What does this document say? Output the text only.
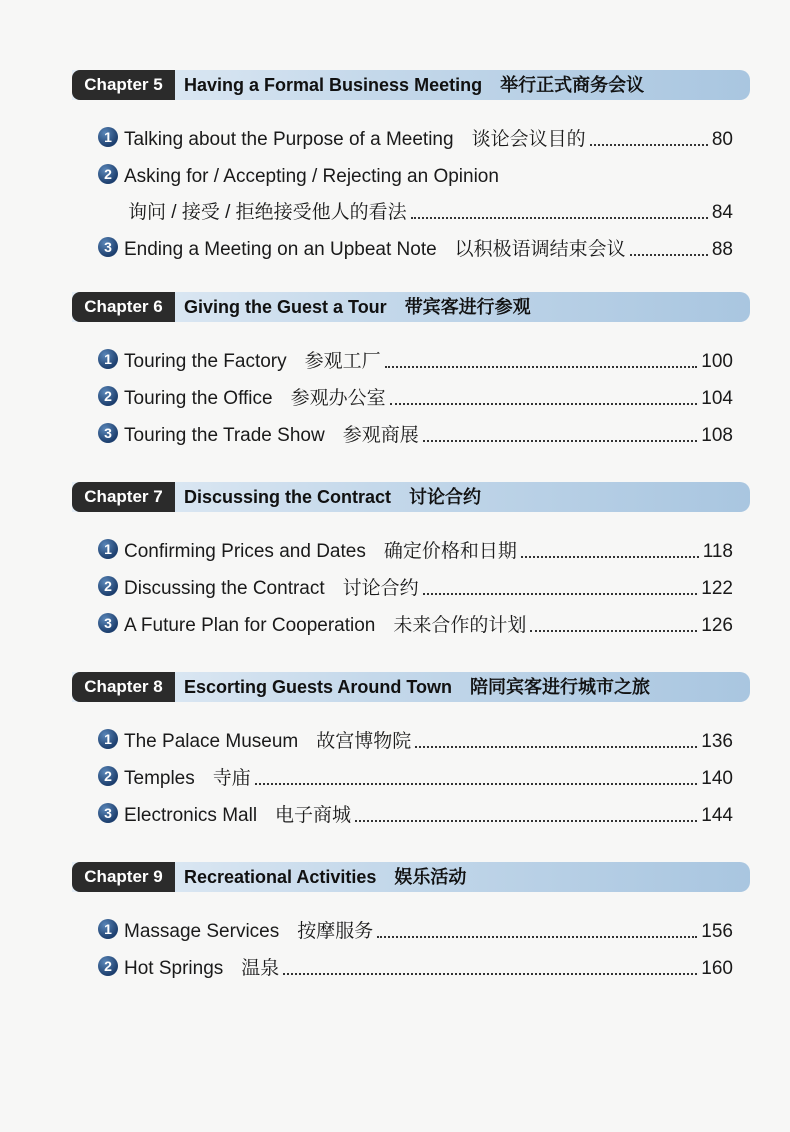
Chapter 5	Having a Formal Business Meeting 举行正式商务会议
1 Talking about the Purpose of a Meeting 谈论会议目的	80
2 Asking for / Accepting / Rejecting an Opinion
询问 / 接受 / 拒绝接受他人的看法	84
3 Ending a Meeting on an Upbeat Note 以积极语调结束会议	88
Chapter 6	Giving the Guest a Tour 带宾客进行参观
1 Touring the Factory 参观工厂	100
2 Touring the Office 参观办公室	104
3 Touring the Trade Show 参观商展	108
Chapter 7	Discussing the Contract 讨论合约
1 Confirming Prices and Dates 确定价格和日期	118
2 Discussing the Contract 讨论合约	122
3 A Future Plan for Cooperation 未来合作的计划	126
Chapter 8	Escorting Guests Around Town 陪同宾客进行城市之旅
1 The Palace Museum 故宫博物院	136
2 Temples 寺庙	140
3 Electronics Mall 电子商城	144
Chapter 9	Recreational Activities 娱乐活动
1 Massage Services 按摩服务	156
2 Hot Springs 温泉	160
